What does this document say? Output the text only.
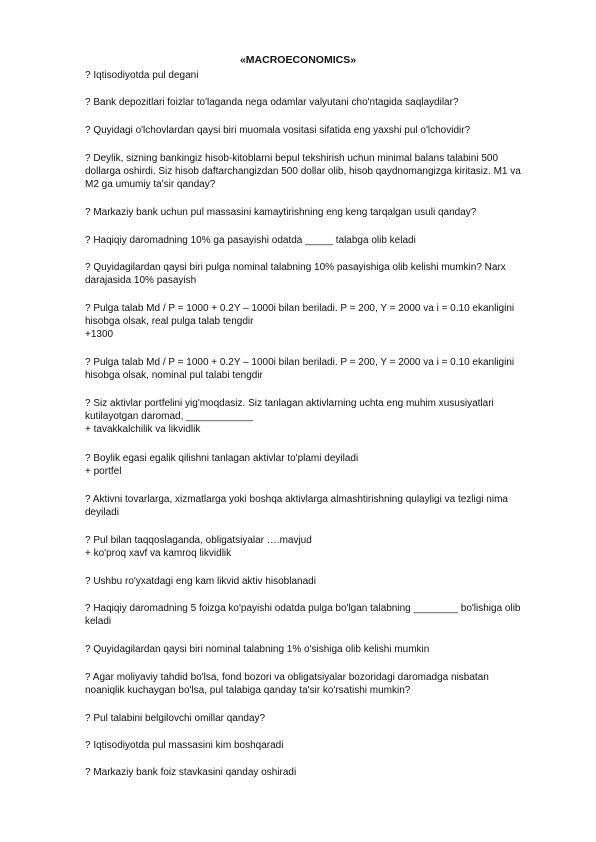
«MACROECONOMICS»
? Iqtisodiyotda pul degani
? Bank depozitlari foizlar to'laganda nega odamlar valyutani cho'ntagida saqlaydilar?
? Quyidagi o'lchovlardan qaysi biri muomala vositasi sifatida eng yaxshi pul o'lchovidir?
? Deylik, sizning bankingiz hisob-kitoblarni bepul tekshirish uchun minimal balans talabini 500 dollarga oshirdi. Siz hisob daftarchangizdan 500 dollar olib, hisob qaydnomangizga kiritasiz. M1 va M2 ga umumiy ta'sir qanday?
? Markaziy bank uchun pul massasini kamaytirishning eng keng tarqalgan usuli qanday?
? Haqiqiy daromadning 10% ga pasayishi odatda _____ talabga olib keladi
? Quyidagilardan qaysi biri pulga nominal talabning 10% pasayishiga olib kelishi mumkin? Narx darajasida 10% pasayish
? Pulga talab Md / P = 1000 + 0.2Y – 1000i bilan beriladi. P = 200, Y = 2000 va i = 0.10 ekanligini hisobga olsak, real pulga talab tengdir
+1300
? Pulga talab Md / P = 1000 + 0.2Y – 1000i bilan beriladi. P = 200, Y = 2000 va i = 0.10 ekanligini hisobga olsak, nominal pul talabi tengdir
? Siz aktivlar portfelini yig'moqdasiz. Siz tanlagan aktivlarning uchta eng muhim xususiyatlari kutilayotgan daromad, ____________
+ tavakkalchilik va likvidlik
? Boylik egasi egalik qilishni tanlagan aktivlar to'plami deyiladi
+ portfel
? Aktivni tovarlarga, xizmatlarga yoki boshqa aktivlarga almashtirishning qulayligi va tezligi nima deyiladi
? Pul bilan taqqoslaganda, obligatsiyalar ….mavjud
+ ko'proq xavf va kamroq likvidlik
? Ushbu ro'yxatdagi eng kam likvid aktiv hisoblanadi
? Haqiqiy daromadning 5 foizga ko'payishi odatda pulga bo'lgan talabning ________ bo'lishiga olib keladi
? Quyidagilardan qaysi biri nominal talabning 1% o'sishiga olib kelishi mumkin
? Agar moliyaviy tahdid bo'lsa, fond bozori va obligatsiyalar bozoridagi daromadga nisbatan noaniqlik kuchaygan bo'lsa, pul talabiga qanday ta'sir ko'rsatishi mumkin?
? Pul talabini belgilovchi omillar qanday?
? Iqtisodiyotda pul massasini kim boshqaradi
? Markaziy bank foiz stavkasini qanday oshiradi
